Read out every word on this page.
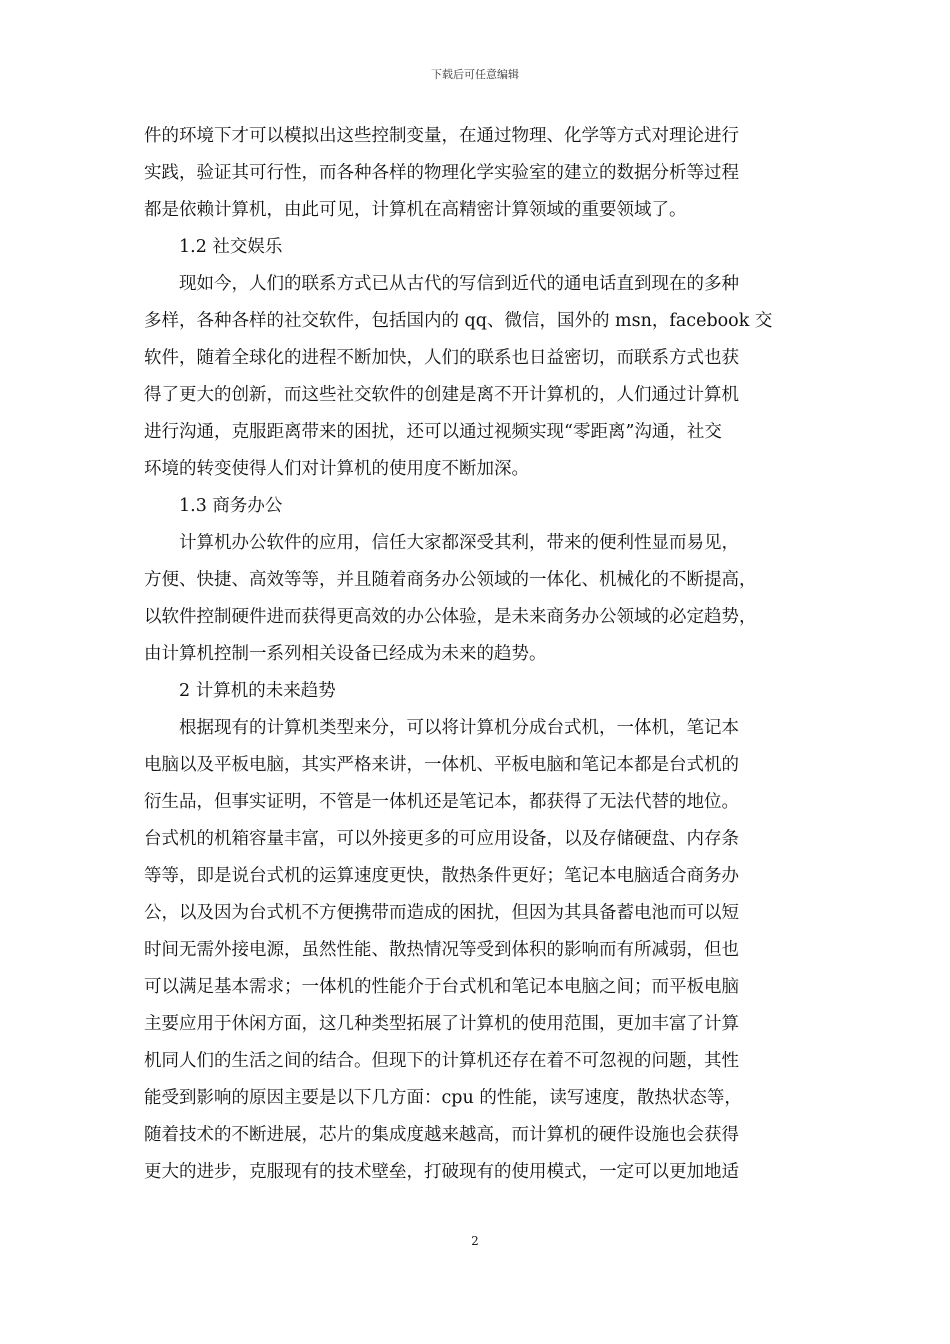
下载后可任意编辑
件的环境下才可以模拟出这些控制变量，在通过物理、化学等方式对理论进行
实践，验证其可行性，而各种各样的物理化学实验室的建立的数据分析等过程
都是依赖计算机，由此可见，计算机在高精密计算领域的重要领域了。
　　1.2 社交娱乐
　　现如今，人们的联系方式已从古代的写信到近代的通电话直到现在的多种
多样，各种各样的社交软件，包括国内的 qq、微信，国外的 msn，facebook 交
软件，随着全球化的进程不断加快，人们的联系也日益密切，而联系方式也获
得了更大的创新，而这些社交软件的创建是离不开计算机的，人们通过计算机
进行沟通，克服距离带来的困扰，还可以通过视频实现“零距离”沟通，社交
环境的转变使得人们对计算机的使用度不断加深。
　　1.3 商务办公
　　计算机办公软件的应用，信任大家都深受其利，带来的便利性显而易见，
方便、快捷、高效等等，并且随着商务办公领域的一体化、机械化的不断提高，
以软件控制硬件进而获得更高效的办公体验，是未来商务办公领域的必定趋势，
由计算机控制一系列相关设备已经成为未来的趋势。
　　2 计算机的未来趋势
　　根据现有的计算机类型来分，可以将计算机分成台式机，一体机，笔记本
电脑以及平板电脑，其实严格来讲，一体机、平板电脑和笔记本都是台式机的
衍生品，但事实证明，不管是一体机还是笔记本，都获得了无法代替的地位。
台式机的机箱容量丰富，可以外接更多的可应用设备，以及存储硬盘、内存条
等等，即是说台式机的运算速度更快，散热条件更好；笔记本电脑适合商务办
公，以及因为台式机不方便携带而造成的困扰，但因为其具备蓄电池而可以短
时间无需外接电源，虽然性能、散热情况等受到体积的影响而有所减弱，但也
可以满足基本需求；一体机的性能介于台式机和笔记本电脑之间；而平板电脑
主要应用于休闲方面，这几种类型拓展了计算机的使用范围，更加丰富了计算
机同人们的生活之间的结合。但现下的计算机还存在着不可忽视的问题，其性
能受到影响的原因主要是以下几方面：cpu 的性能，读写速度，散热状态等，
随着技术的不断进展，芯片的集成度越来越高，而计算机的硬件设施也会获得
更大的进步，克服现有的技术壁垒，打破现有的使用模式，一定可以更加地适
2
